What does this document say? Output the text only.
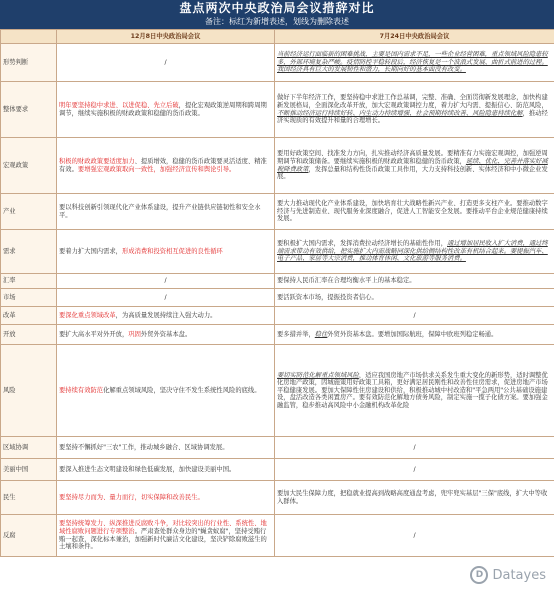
盘点两次中央政治局会议措辞对比
备注：标红为新增表述，划线为删除表述
	12月8日中央政治局会议	7月24日中央政治局会议
形势判断	/	当前经济运行面临新的困难挑战，主要是国内需求不足，一些企业经营困难，重点领域风险隐患较多，外部环境复杂严峻。疫情防控平稳转段后，经济恢复是一个波浪式发展、曲折式前进的过程。我国经济具有巨大的发展韧性和潜力，长期向好的基本面没有改变。
整体要求	明年要坚持稳中求进、以进促稳、先立后破，提化宏观政策逆周期和跨周期调节，继续实施积极的财政政策和稳健的货币政策。	做好下半年经济工作，要坚持稳中求进工作总基调，完整、准确、全面贯彻新发展理念，加快构建新发展格局，全面深化改革开放，加大宏观政策调控力度，着力扩大内需、提振信心、防范风险，不断推动经济运行持续好转、内生动力持续增强、社会预期持续改善、风险隐患持续化解，推动经济实现质的有效提升和量的合理增长。
宏观政策	积极的财政政策要适度加力、提质增效，稳健的货币政策要灵活适度、精准有效。要增强宏观政策取向一致性，加强经济宣传和舆论引导。	要用好政策空间、找准发力方向，扎实推动经济高质量发展。要精准有力实施宏观调控，加强逆周期调节和政策储备。要继续实施积极的财政政策和稳健的货币政策，延续、优化、完善并落实好减税降费政策，发挥总量和结构性货币政策工具作用，大力支持科技创新、实体经济和中小微企业发展。
产业	要以科技创新引领现代化产业体系建设，提升产业链供应链韧性和安全水平。	要大力推动现代化产业体系建设，加快培育壮大战略性新兴产业、打造更多支柱产业。要推动数字经济与先进制造业、现代服务业深度融合，促进人工智能安全发展。要推动平台企业规范健康持续发展。
需求	要着力扩大国内需求，形成消费和投资相互促进的良性循环	要积极扩大国内需求，发挥消费拉动经济增长的基础性作用，通过增加居民收入扩大消费，通过终端需求带动有效供给，把实施扩大内需战略同深化供给侧结构性改革有机结合起来。要提振汽车、电子产品、家居等大宗消费，推动体育休闲、文化旅游等服务消费。
汇率	/	要保持人民币汇率在合理均衡水平上的基本稳定。
市场	/	要活跃资本市场，提振投资者信心。
改革	要深化重点领域改革，为高质量发展持续注入强大动力。	/
开放	要扩大高水平对外开放，巩固外贸外资基本盘。	要多措并举，稳住外贸外资基本盘。要增加国际航班，保障中欧班列稳定畅通。
风险	要持续有效防范化解重点领域风险，坚决守住不发生系统性风险的底线。	要切实防范化解重点领域风险，适应我国房地产市场供求关系发生重大变化的新形势，适时调整优化房地产政策，因城施策用好政策工具箱，更好满足居民刚性和改善性住房需求，促进房地产市场平稳健康发展。要加大保障性住房建设和供给，积极推动城中村改造和"平急两用"公共基础设施建设，盘活改造各类闲置房产。要有效防范化解地方债务风险，制定实施一揽子化债方案。要加强金融监管，稳步推动高风险中小金融机构改革化险
区域协调	要坚持不懈抓好"三农"工作，推动城乡融合、区域协调发展。	/
美丽中国	要深入推进生态文明建设和绿色低碳发展，加快建设美丽中国。	/
民生	要坚持尽力而为、量力而行，切实保障和改善民生。	要加大民生保障力度，把稳就业提高到战略高度通盘考虑，兜牢兜实基层"三保"底线，扩大中等收入群体。
反腐	要坚持统筹发力、纵深推进反腐败斗争，对比较突出的行业性、系统性、地域性腐败问题进行专项整治。严肃查处群众身边的"蝇贪蚁腐"，坚持受贿行贿一起查，深化标本兼治，加强新时代廉洁文化建设，坚决铲除腐败滋生的土壤和条件。	/
D Datayes
